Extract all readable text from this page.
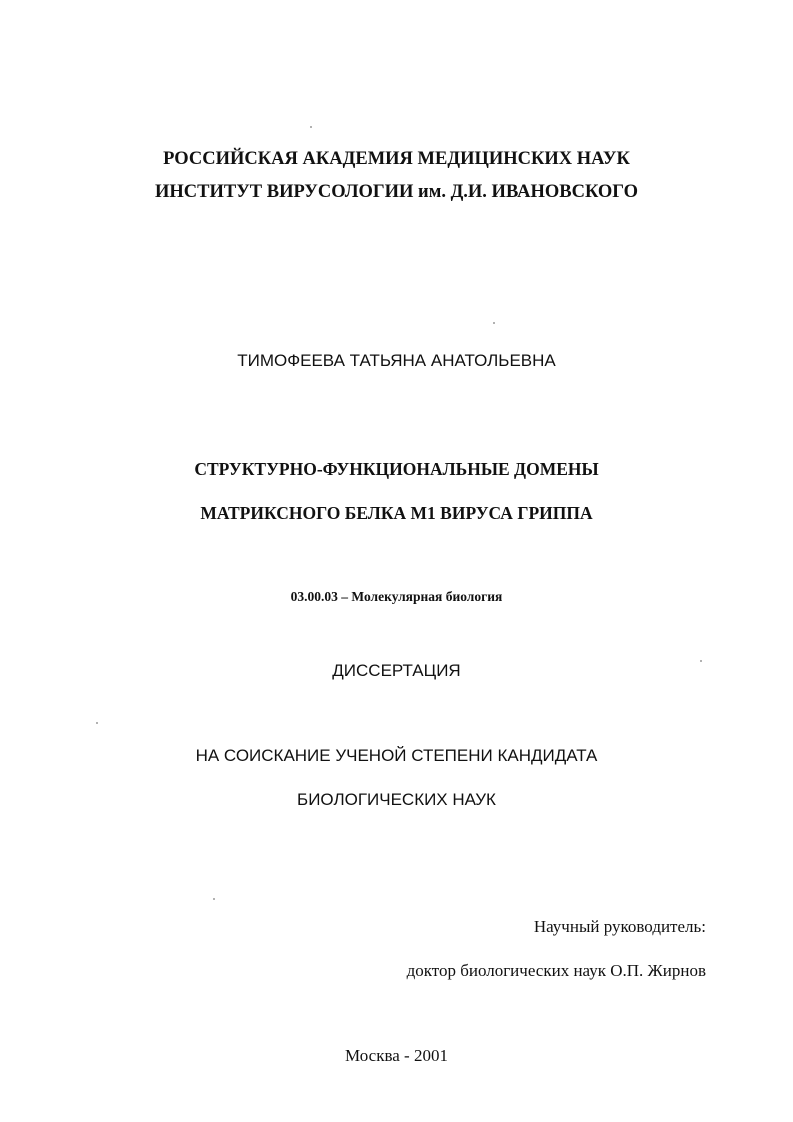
РОССИЙСКАЯ АКАДЕМИЯ МЕДИЦИНСКИХ НАУК
ИНСТИТУТ ВИРУСОЛОГИИ им. Д.И. ИВАНОВСКОГО
ТИМОФЕЕВА ТАТЬЯНА АНАТОЛЬЕВНА
СТРУКТУРНО-ФУНКЦИОНАЛЬНЫЕ ДОМЕНЫ
МАТРИКСНОГО БЕЛКА М1 ВИРУСА ГРИППА
03.00.03 – Молекулярная биология
ДИССЕРТАЦИЯ
НА СОИСКАНИЕ УЧЕНОЙ СТЕПЕНИ КАНДИДАТА
БИОЛОГИЧЕСКИХ НАУК
Научный руководитель:
доктор биологических наук О.П. Жирнов
Москва - 2001
